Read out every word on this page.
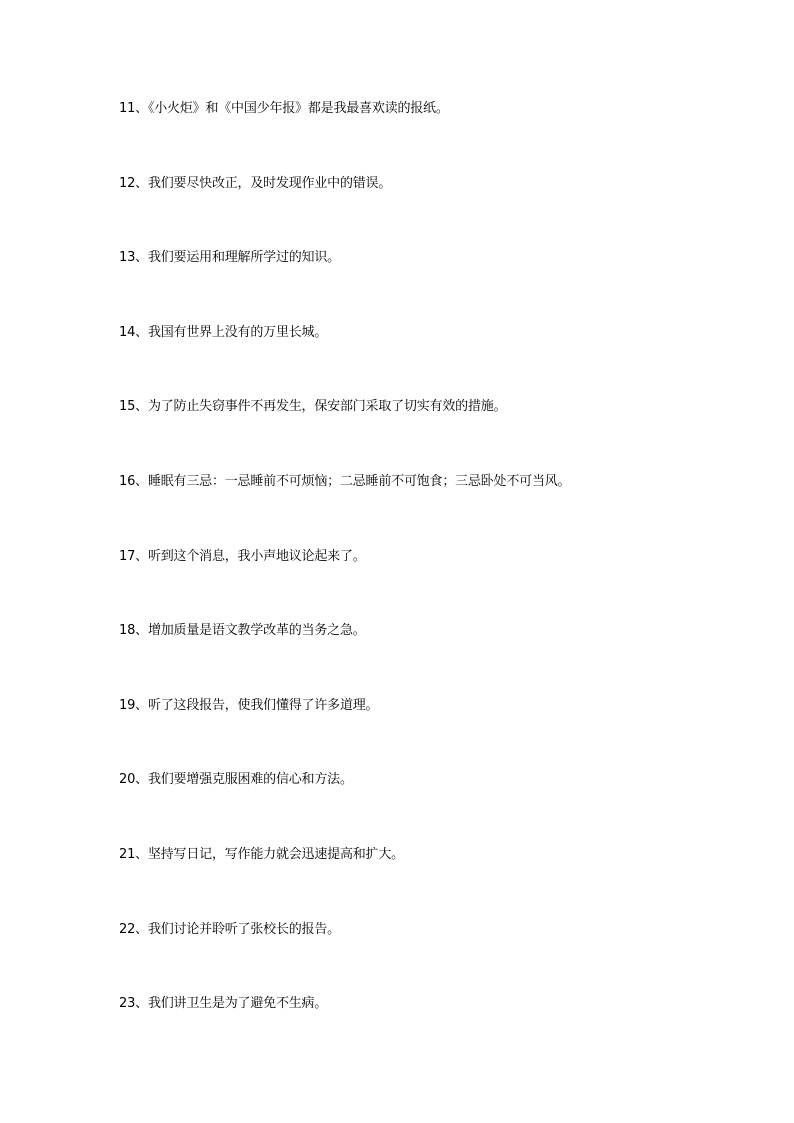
11、《小火炬》和《中国少年报》都是我最喜欢读的报纸。
12、我们要尽快改正，及时发现作业中的错误。
13、我们要运用和理解所学过的知识。
14、我国有世界上没有的万里长城。
15、为了防止失窃事件不再发生，保安部门采取了切实有效的措施。
16、睡眠有三忌：一忌睡前不可烦恼；二忌睡前不可饱食；三忌卧处不可当风。
17、听到这个消息，我小声地议论起来了。
18、增加质量是语文教学改革的当务之急。
19、听了这段报告，使我们懂得了许多道理。
20、我们要增强克服困难的信心和方法。
21、坚持写日记，写作能力就会迅速提高和扩大。
22、我们讨论并聆听了张校长的报告。
23、我们讲卫生是为了避免不生病。
